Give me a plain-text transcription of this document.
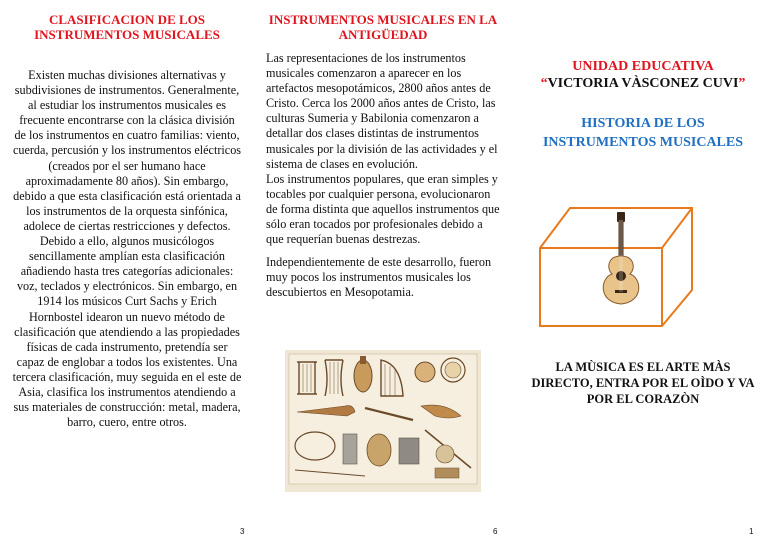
CLASIFICACION DE LOS INSTRUMENTOS MUSICALES

Existen muchas divisiones alternativas y subdivisiones de instrumentos. Generalmente, al estudiar los instrumentos musicales es frecuente encontrarse con la clásica división de los instrumentos en cuatro familias: viento, cuerda, percusión y los instrumentos eléctricos (creados por el ser humano hace aproximadamente 80 años). Sin embargo, debido a que esta clasificación está orientada a los instrumentos de la orquesta sinfónica, adolece de ciertas restricciones y defectos. Debido a ello, algunos musicólogos sencillamente amplían esta clasificación añadiendo hasta tres categorías adicionales: voz, teclados y electrónicos. Sin embargo, en 1914 los músicos Curt Sachs y Erich Hornbostel idearon un nuevo método de clasificación que atendiendo a las propiedades físicas de cada instrumento, pretendía ser capaz de englobar a todos los existentes. Una tercera clasificación, muy seguida en el este de Asia, clasifica los instrumentos atendiendo a sus materiales de construcción: metal, madera, barro, cuero, entre otros.

3

INSTRUMENTOS MUSICALES EN LA ANTIGÜEDAD

Las representaciones de los instrumentos musicales comenzaron a aparecer en los artefactos mesopotámicos, 2800 años antes de Cristo. Cerca los 2000 años antes de Cristo, las culturas Sumeria y Babilonia comenzaron a detallar dos clases distintas de instrumentos musicales por la división de las actividades y el sistema de clases en evolución.

Los instrumentos populares, que eran simples y tocables por cualquier persona, evolucionaron de forma distinta que aquellos instrumentos que sólo eran tocados por profesionales debido a que requerían buenas destrezas.

Independientemente de este desarrollo, fueron muy pocos los instrumentos musicales los descubiertos en Mesopotamia.

6

UNIDAD EDUCATIVA

“VICTORIA VÀSCONEZ CUVI”

HISTORIA DE LOS INSTRUMENTOS MUSICALES

LA MÙSICA ES EL ARTE MÀS DIRECTO, ENTRA POR EL OÌDO Y VA POR EL CORAZÒN

1
